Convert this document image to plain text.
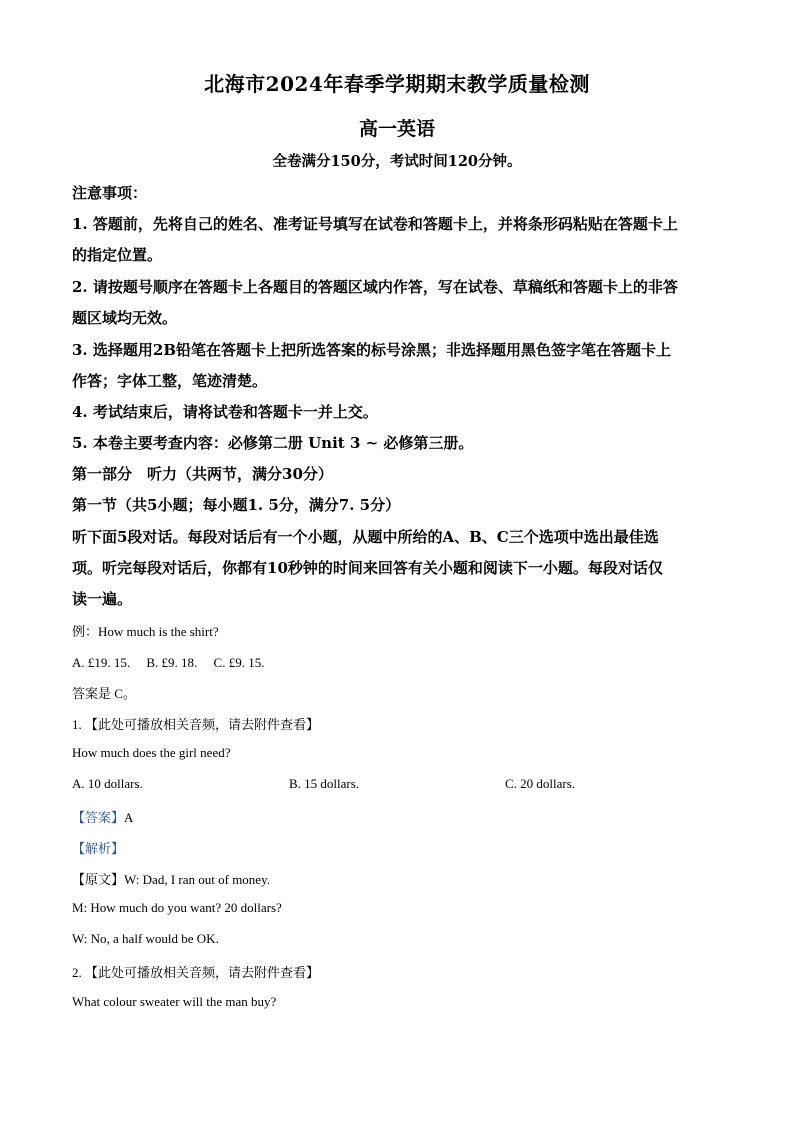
北海市2024年春季学期期末教学质量检测
高一英语
全卷满分150分，考试时间120分钟。
注意事项：
1. 答题前，先将自己的姓名、准考证号填写在试卷和答题卡上，并将条形码粘贴在答题卡上
的指定位置。
2. 请按题号顺序在答题卡上各题目的答题区域内作答，写在试卷、草稿纸和答题卡上的非答
题区域均无效。
3. 选择题用2B铅笔在答题卡上把所选答案的标号涂黑；非选择题用黑色签字笔在答题卡上
作答；字体工整，笔迹清楚。
4. 考试结束后，请将试卷和答题卡一并上交。
5. 本卷主要考查内容：必修第二册 Unit 3 ~ 必修第三册。
第一部分　听力（共两节，满分30分）
第一节（共5小题；每小题1. 5分，满分7. 5分）
听下面5段对话。每段对话后有一个小题，从题中所给的A、B、C三个选项中选出最佳选
项。听完每段对话后，你都有10秒钟的时间来回答有关小题和阅读下一小题。每段对话仅
读一遍。
例：How much is the shirt?
A. £19. 15.　 B. £9. 18.　 C. £9. 15.
答案是 C。
1. 【此处可播放相关音频，请去附件查看】
How much does the girl need?
A. 10 dollars.	B. 15 dollars.	C. 20 dollars.
【答案】A
【解析】
【原文】W: Dad, I ran out of money.
M: How much do you want? 20 dollars?
W: No, a half would be OK.
2. 【此处可播放相关音频，请去附件查看】
What colour sweater will the man buy?
